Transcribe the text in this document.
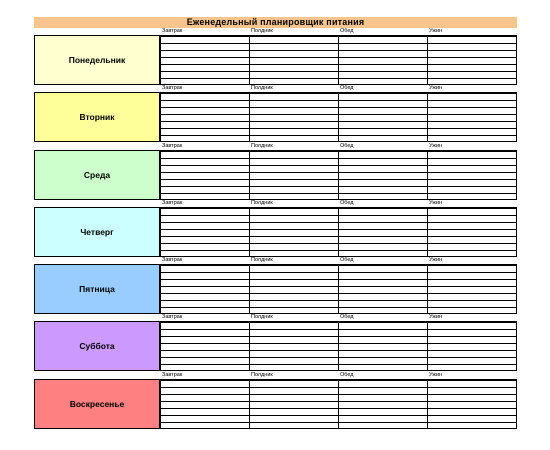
Еженедельный планировщик питания
Завтрак	Полдник	Обед	Ужин
Понедельник
Завтрак	Полдник	Обед	Ужин
Вторник
Завтрак	Полдник	Обед	Ужин
Среда
Завтрак	Полдник	Обед	Ужин
Четверг
Завтрак	Полдник	Обед	Ужин
Пятница
Завтрак	Полдник	Обед	Ужин
Суббота
Завтрак	Полдник	Обед	Ужин
Воскресенье
